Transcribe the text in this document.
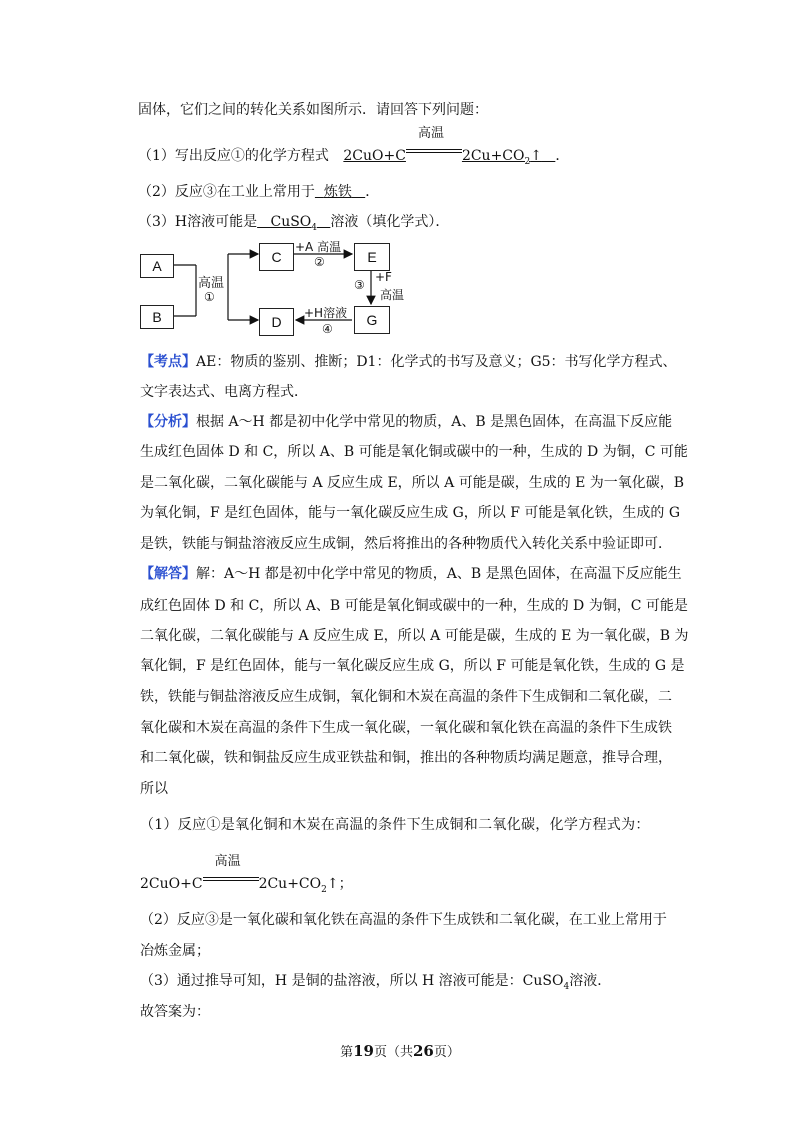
固体，它们之间的转化关系如图所示．请回答下列问题：
（1）写出反应①的化学方程式 2CuO+C
高温
$2Cu+CO_2↑$ ．
（2）反应③在工业上常用于 炼铁 ．
（3）H溶液可能是 CuSO$_4$ 溶液（填化学式）．
A
B
C
D
E
G
高温
①
+A 高温
②
③
+F
高温
+H溶液
④
【考点】AE：物质的鉴别、推断；D1：化学式的书写及意义；G5：书写化学方程式、
文字表达式、电离方程式．
【分析】根据 A～H 都是初中化学中常见的物质，A、B 是黑色固体，在高温下反应能
生成红色固体 D 和 C，所以 A、B 可能是氧化铜或碳中的一种，生成的 D 为铜，C 可能
是二氧化碳，二氧化碳能与 A 反应生成 E，所以 A 可能是碳，生成的 E 为一氧化碳，B
为氧化铜，F 是红色固体，能与一氧化碳反应生成 G，所以 F 可能是氧化铁，生成的 G
是铁，铁能与铜盐溶液反应生成铜，然后将推出的各种物质代入转化关系中验证即可．
【解答】解：A～H 都是初中化学中常见的物质，A、B 是黑色固体，在高温下反应能生
成红色固体 D 和 C，所以 A、B 可能是氧化铜或碳中的一种，生成的 D 为铜，C 可能是
二氧化碳，二氧化碳能与 A 反应生成 E，所以 A 可能是碳，生成的 E 为一氧化碳，B 为
氧化铜，F 是红色固体，能与一氧化碳反应生成 G，所以 F 可能是氧化铁，生成的 G 是
铁，铁能与铜盐溶液反应生成铜，氧化铜和木炭在高温的条件下生成铜和二氧化碳，二
氧化碳和木炭在高温的条件下生成一氧化碳，一氧化碳和氧化铁在高温的条件下生成铁
和二氧化碳，铁和铜盐反应生成亚铁盐和铜，推出的各种物质均满足题意，推导合理，
所以
（1）反应①是氧化铜和木炭在高温的条件下生成铜和二氧化碳，化学方程式为：
2CuO+C
高温
$2Cu+CO_2↑$；
（2）反应③是一氧化碳和氧化铁在高温的条件下生成铁和二氧化碳，在工业上常用于
冶炼金属；
（3）通过推导可知，H 是铜的盐溶液，所以 H 溶液可能是：CuSO$_4$溶液．
故答案为：
第19页（共26页）
